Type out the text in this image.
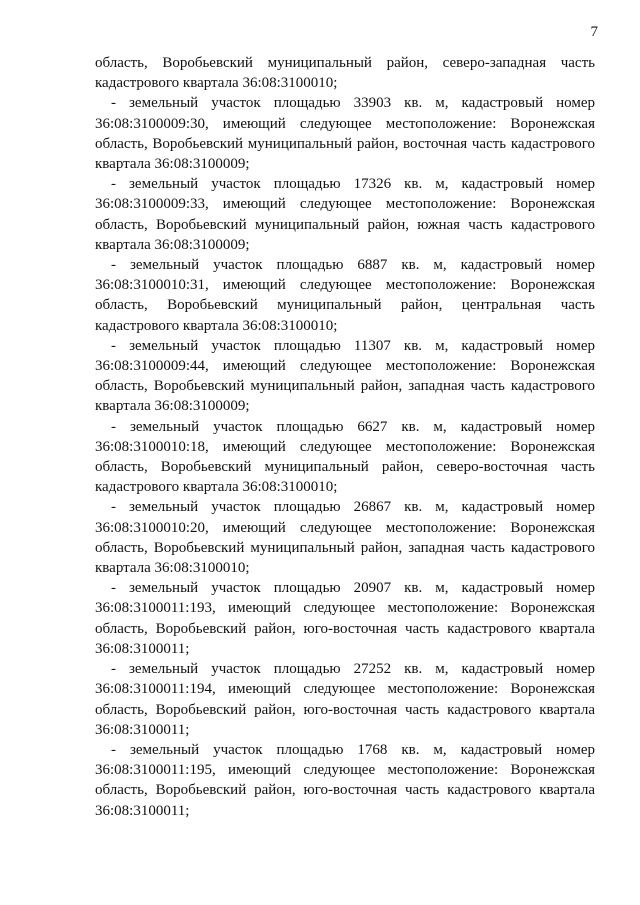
7

область, Воробьевский муниципальный район, северо-западная часть кадастрового квартала 36:08:3100010;

- земельный участок площадью 33903 кв. м, кадастровый номер 36:08:3100009:30, имеющий следующее местоположение: Воронежская область, Воробьевский муниципальный район, восточная часть кадастрового квартала 36:08:3100009;

- земельный участок площадью 17326 кв. м, кадастровый номер 36:08:3100009:33, имеющий следующее местоположение: Воронежская область, Воробьевский муниципальный район, южная часть кадастрового квартала 36:08:3100009;

- земельный участок площадью 6887 кв. м, кадастровый номер 36:08:3100010:31, имеющий следующее местоположение: Воронежская область, Воробьевский муниципальный район, центральная часть кадастрового квартала 36:08:3100010;

- земельный участок площадью 11307 кв. м, кадастровый номер 36:08:3100009:44, имеющий следующее местоположение: Воронежская область, Воробьевский муниципальный район, западная часть кадастрового квартала 36:08:3100009;

- земельный участок площадью 6627 кв. м, кадастровый номер 36:08:3100010:18, имеющий следующее местоположение: Воронежская область, Воробьевский муниципальный район, северо-восточная часть кадастрового квартала 36:08:3100010;

- земельный участок площадью 26867 кв. м, кадастровый номер 36:08:3100010:20, имеющий следующее местоположение: Воронежская область, Воробьевский муниципальный район, западная часть кадастрового квартала 36:08:3100010;

- земельный участок площадью 20907 кв. м, кадастровый номер 36:08:3100011:193, имеющий следующее местоположение: Воронежская область, Воробьевский район, юго-восточная часть кадастрового квартала 36:08:3100011;

- земельный участок площадью 27252 кв. м, кадастровый номер 36:08:3100011:194, имеющий следующее местоположение: Воронежская область, Воробьевский район, юго-восточная часть кадастрового квартала 36:08:3100011;

- земельный участок площадью 1768 кв. м, кадастровый номер 36:08:3100011:195, имеющий следующее местоположение: Воронежская область, Воробьевский район, юго-восточная часть кадастрового квартала 36:08:3100011;
